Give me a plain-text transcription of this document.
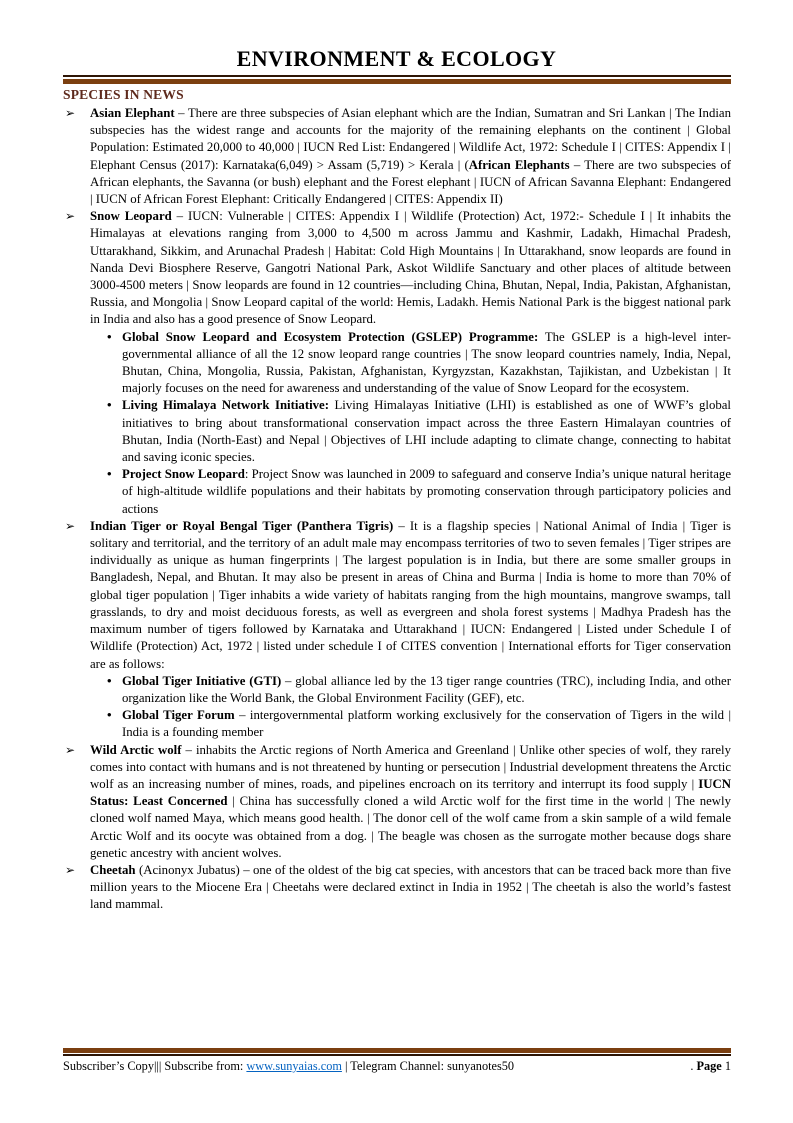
ENVIRONMENT & ECOLOGY
SPECIES IN NEWS
➢ Asian Elephant – There are three subspecies of Asian elephant which are the Indian, Sumatran and Sri Lankan | The Indian subspecies has the widest range and accounts for the majority of the remaining elephants on the continent | Global Population: Estimated 20,000 to 40,000 | IUCN Red List: Endangered | Wildlife Act, 1972: Schedule I | CITES: Appendix I | Elephant Census (2017): Karnataka(6,049) > Assam (5,719) > Kerala | (African Elephants – There are two subspecies of African elephants, the Savanna (or bush) elephant and the Forest elephant | IUCN of African Savanna Elephant: Endangered | IUCN of African Forest Elephant: Critically Endangered | CITES: Appendix II)
➢ Snow Leopard – IUCN: Vulnerable | CITES: Appendix I | Wildlife (Protection) Act, 1972:- Schedule I | It inhabits the Himalayas at elevations ranging from 3,000 to 4,500 m across Jammu and Kashmir, Ladakh, Himachal Pradesh, Uttarakhand, Sikkim, and Arunachal Pradesh | Habitat: Cold High Mountains | In Uttarakhand, snow leopards are found in Nanda Devi Biosphere Reserve, Gangotri National Park, Askot Wildlife Sanctuary and other places of altitude between 3000-4500 meters | Snow leopards are found in 12 countries—including China, Bhutan, Nepal, India, Pakistan, Afghanistan, Russia, and Mongolia | Snow Leopard capital of the world: Hemis, Ladakh. Hemis National Park is the biggest national park in India and also has a good presence of Snow Leopard.
• Global Snow Leopard and Ecosystem Protection (GSLEP) Programme: The GSLEP is a high-level inter-governmental alliance of all the 12 snow leopard range countries | The snow leopard countries namely, India, Nepal, Bhutan, China, Mongolia, Russia, Pakistan, Afghanistan, Kyrgyzstan, Kazakhstan, Tajikistan, and Uzbekistan | It majorly focuses on the need for awareness and understanding of the value of Snow Leopard for the ecosystem.
• Living Himalaya Network Initiative: Living Himalayas Initiative (LHI) is established as one of WWF’s global initiatives to bring about transformational conservation impact across the three Eastern Himalayan countries of Bhutan, India (North-East) and Nepal | Objectives of LHI include adapting to climate change, connecting to habitat and saving iconic species.
• Project Snow Leopard: Project Snow was launched in 2009 to safeguard and conserve India’s unique natural heritage of high-altitude wildlife populations and their habitats by promoting conservation through participatory policies and actions
➢ Indian Tiger or Royal Bengal Tiger (Panthera Tigris) – It is a flagship species | National Animal of India | Tiger is solitary and territorial, and the territory of an adult male may encompass territories of two to seven females | Tiger stripes are individually as unique as human fingerprints | The largest population is in India, but there are some smaller groups in Bangladesh, Nepal, and Bhutan. It may also be present in areas of China and Burma | India is home to more than 70% of global tiger population | Tiger inhabits a wide variety of habitats ranging from the high mountains, mangrove swamps, tall grasslands, to dry and moist deciduous forests, as well as evergreen and shola forest systems | Madhya Pradesh has the maximum number of tigers followed by Karnataka and Uttarakhand | IUCN: Endangered | Listed under Schedule I of Wildlife (Protection) Act, 1972 | listed under schedule I of CITES convention | International efforts for Tiger conservation are as follows:
• Global Tiger Initiative (GTI) – global alliance led by the 13 tiger range countries (TRC), including India, and other organization like the World Bank, the Global Environment Facility (GEF), etc.
• Global Tiger Forum – intergovernmental platform working exclusively for the conservation of Tigers in the wild | India is a founding member
➢ Wild Arctic wolf – inhabits the Arctic regions of North America and Greenland | Unlike other species of wolf, they rarely comes into contact with humans and is not threatened by hunting or persecution | Industrial development threatens the Arctic wolf as an increasing number of mines, roads, and pipelines encroach on its territory and interrupt its food supply | IUCN Status: Least Concerned | China has successfully cloned a wild Arctic wolf for the first time in the world | The newly cloned wolf named Maya, which means good health. | The donor cell of the wolf came from a skin sample of a wild female Arctic Wolf and its oocyte was obtained from a dog. | The beagle was chosen as the surrogate mother because dogs share genetic ancestry with ancient wolves.
➢ Cheetah (Acinonyx Jubatus) – one of the oldest of the big cat species, with ancestors that can be traced back more than five million years to the Miocene Era | Cheetahs were declared extinct in India in 1952 | The cheetah is also the world’s fastest land mammal.
Subscriber’s Copy||| Subscribe from: www.sunyaias.com | Telegram Channel: sunyanotes50	. Page 1
